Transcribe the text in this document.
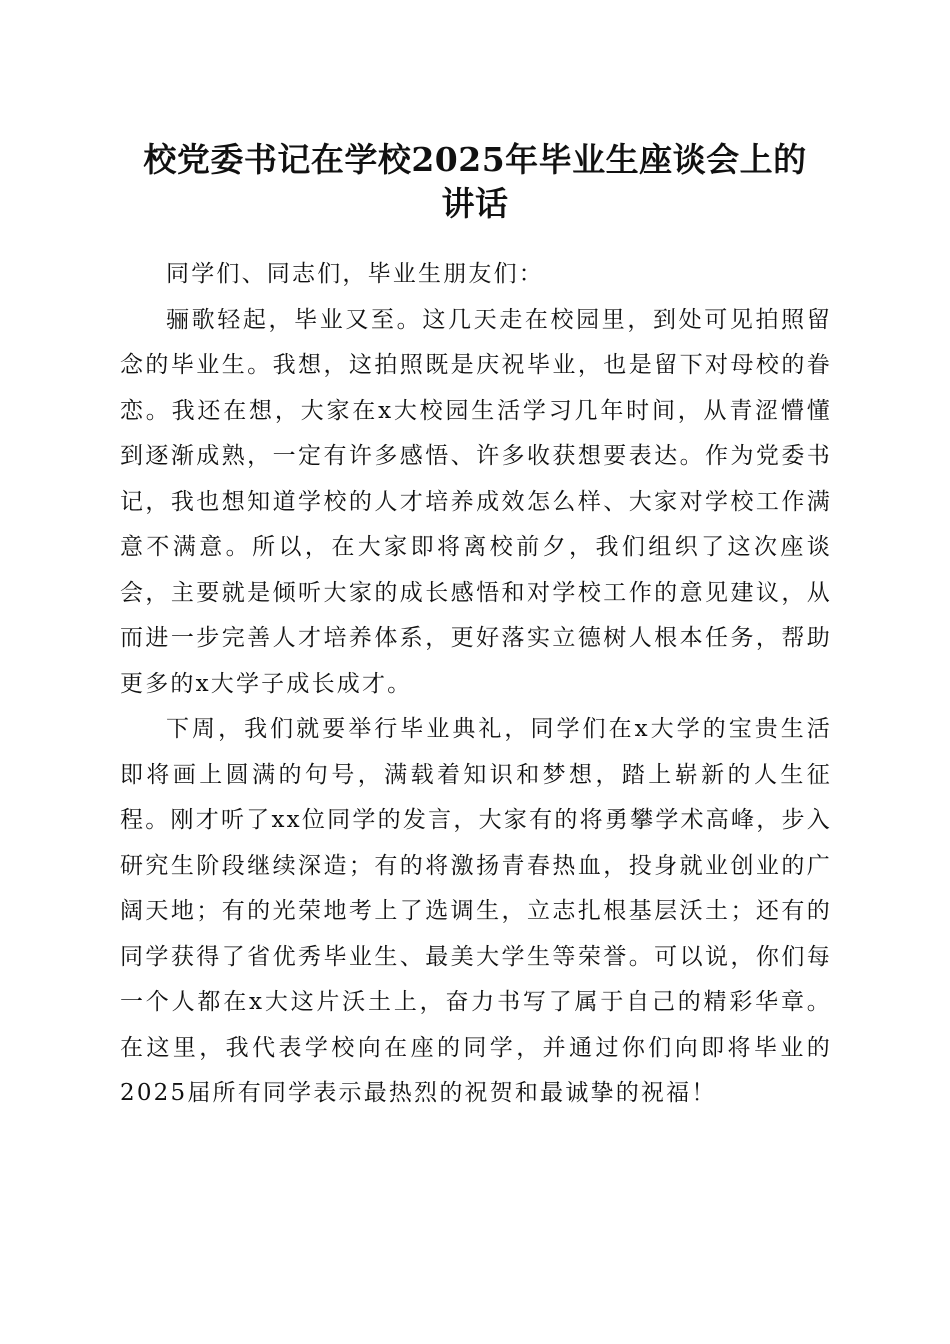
校党委书记在学校2025年毕业生座谈会上的
讲话

同学们、同志们，毕业生朋友们：

骊歌轻起，毕业又至。这几天走在校园里，到处可见拍照留念的毕业生。我想，这拍照既是庆祝毕业，也是留下对母校的眷恋。我还在想，大家在x大校园生活学习几年时间，从青涩懵懂到逐渐成熟，一定有许多感悟、许多收获想要表达。作为党委书记，我也想知道学校的人才培养成效怎么样、大家对学校工作满意不满意。所以，在大家即将离校前夕，我们组织了这次座谈会，主要就是倾听大家的成长感悟和对学校工作的意见建议，从而进一步完善人才培养体系，更好落实立德树人根本任务，帮助更多的x大学子成长成才。

下周，我们就要举行毕业典礼，同学们在x大学的宝贵生活即将画上圆满的句号，满载着知识和梦想，踏上崭新的人生征程。刚才听了xx位同学的发言，大家有的将勇攀学术高峰，步入研究生阶段继续深造；有的将激扬青春热血，投身就业创业的广阔天地；有的光荣地考上了选调生，立志扎根基层沃土；还有的同学获得了省优秀毕业生、最美大学生等荣誉。可以说，你们每一个人都在x大这片沃土上，奋力书写了属于自己的精彩华章。在这里，我代表学校向在座的同学，并通过你们向即将毕业的2025届所有同学表示最热烈的祝贺和最诚挚的祝福！
